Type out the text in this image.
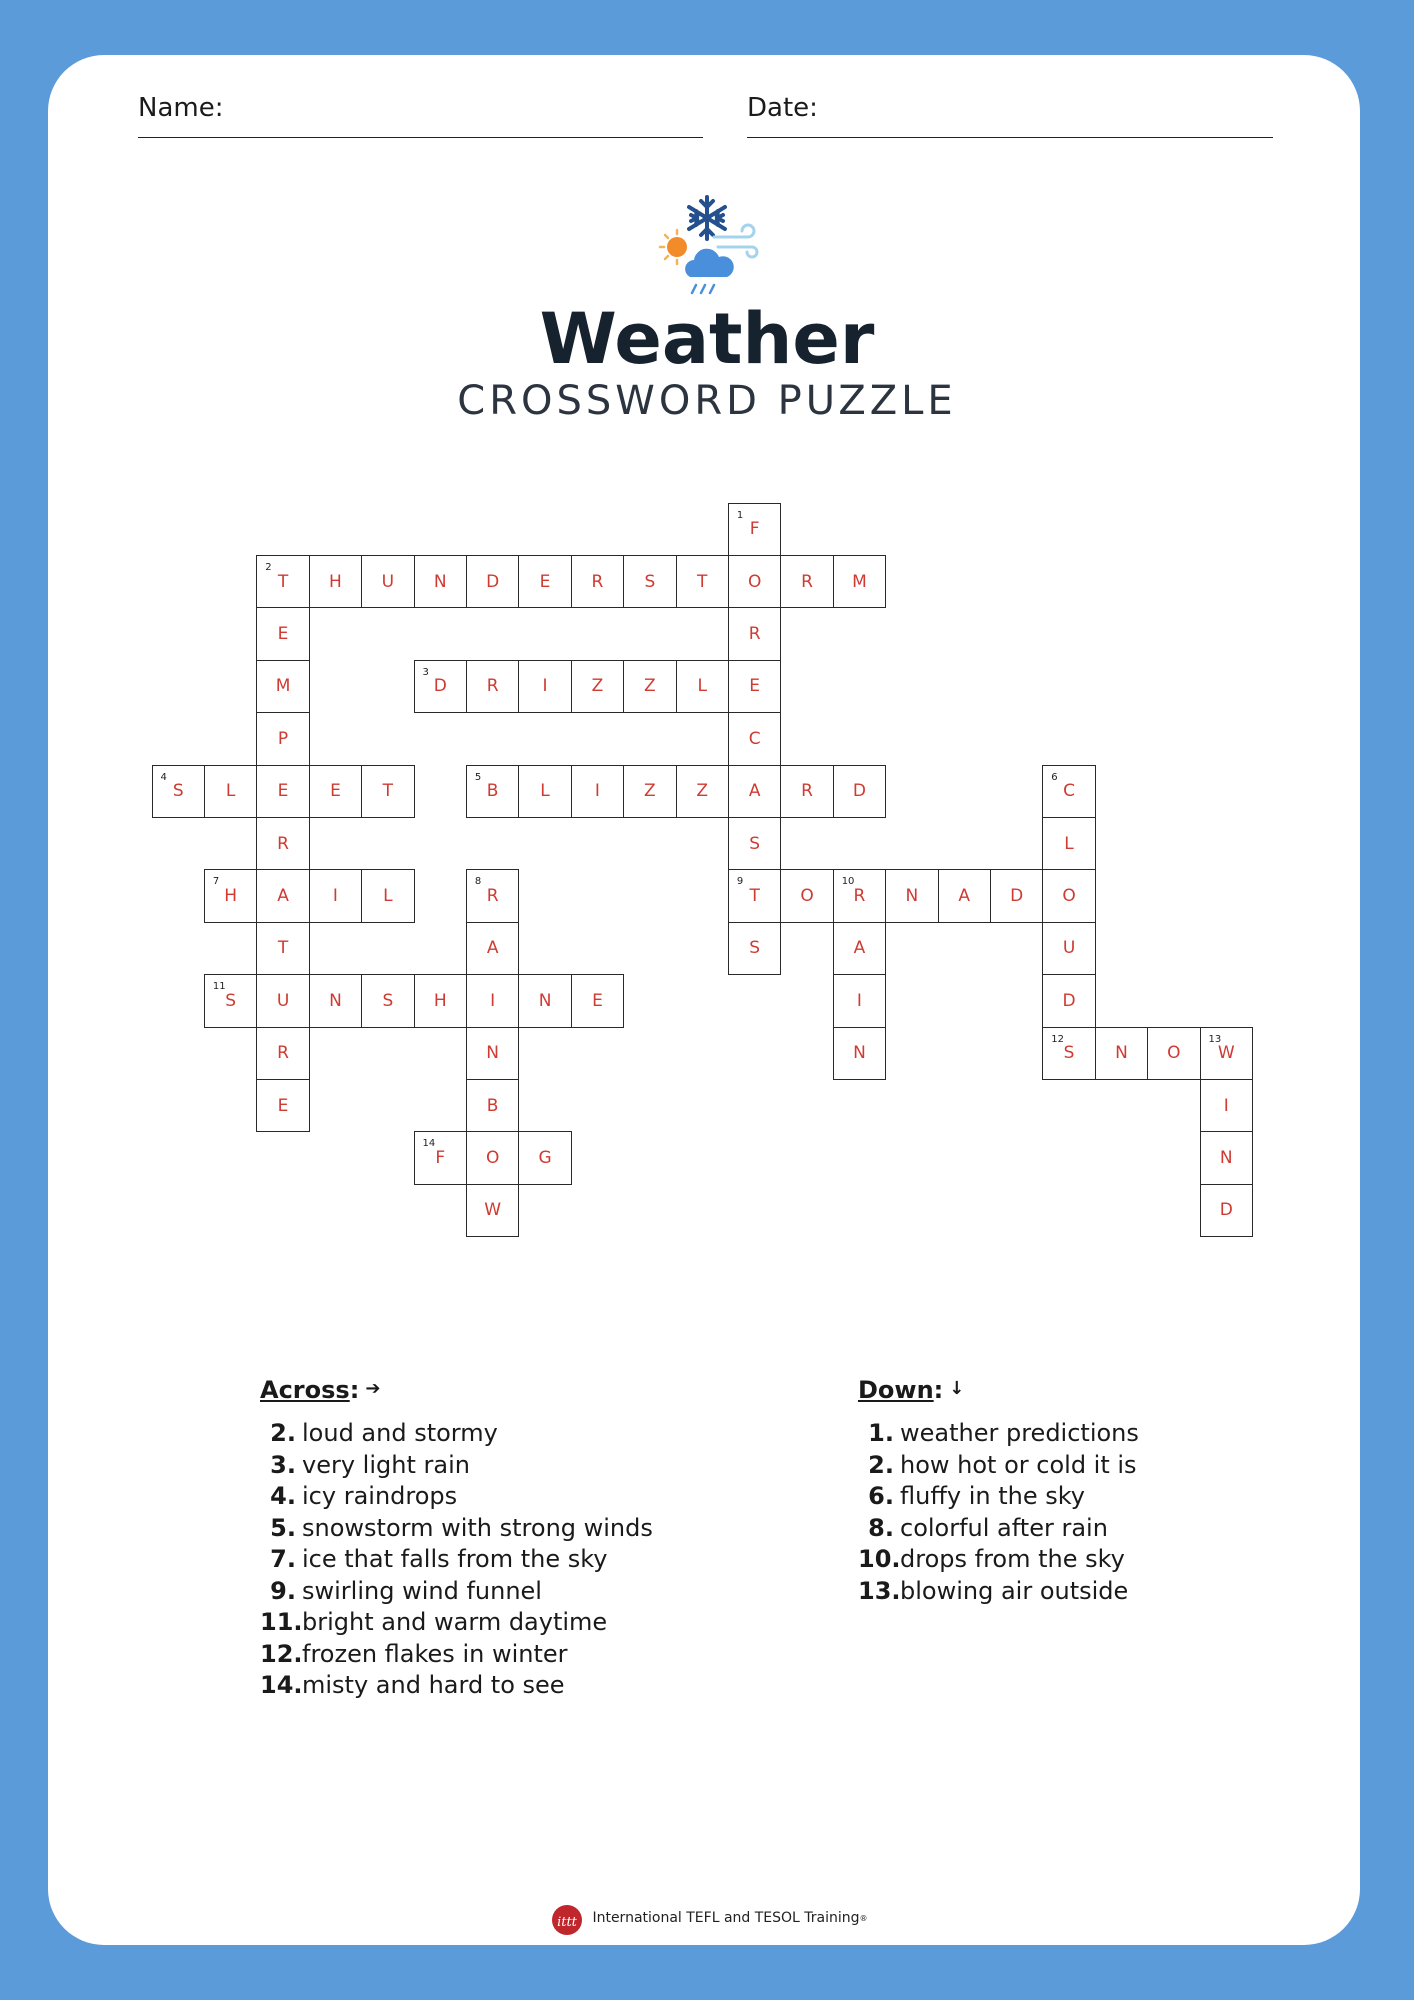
Name:	Date:
Weather
CROSSWORD PUZZLE
2
T	H	U	N	D	E	R	S	T	O	R	M
3
D	R	I	Z	Z	L	E
4
S	L	E	E	T
5
B	L	I	Z	Z	A	R	D
7
H	A	I	L
9
T	O
10
R	N	A	D	O
11
S	U	N	S	H	I	N	E
12
S	N	O
13
W
14
F	O	G
1
F
R
C
S
S
E
M
P
R
T
R
E
6
C
L
U
D
8
R
A
N
B
W
A
I
N
I
N
D
Across: ➔
2. loud and stormy
3. very light rain
4. icy raindrops
5. snowstorm with strong winds
7. ice that falls from the sky
9. swirling wind funnel
11.bright and warm daytime
12.frozen flakes in winter
14.misty and hard to see
Down: ↓
1. weather predictions
2. how hot or cold it is
6. fluffy in the sky
8. colorful after rain
10.drops from the sky
13.blowing air outside
ittt International TEFL and TESOL Training ®
